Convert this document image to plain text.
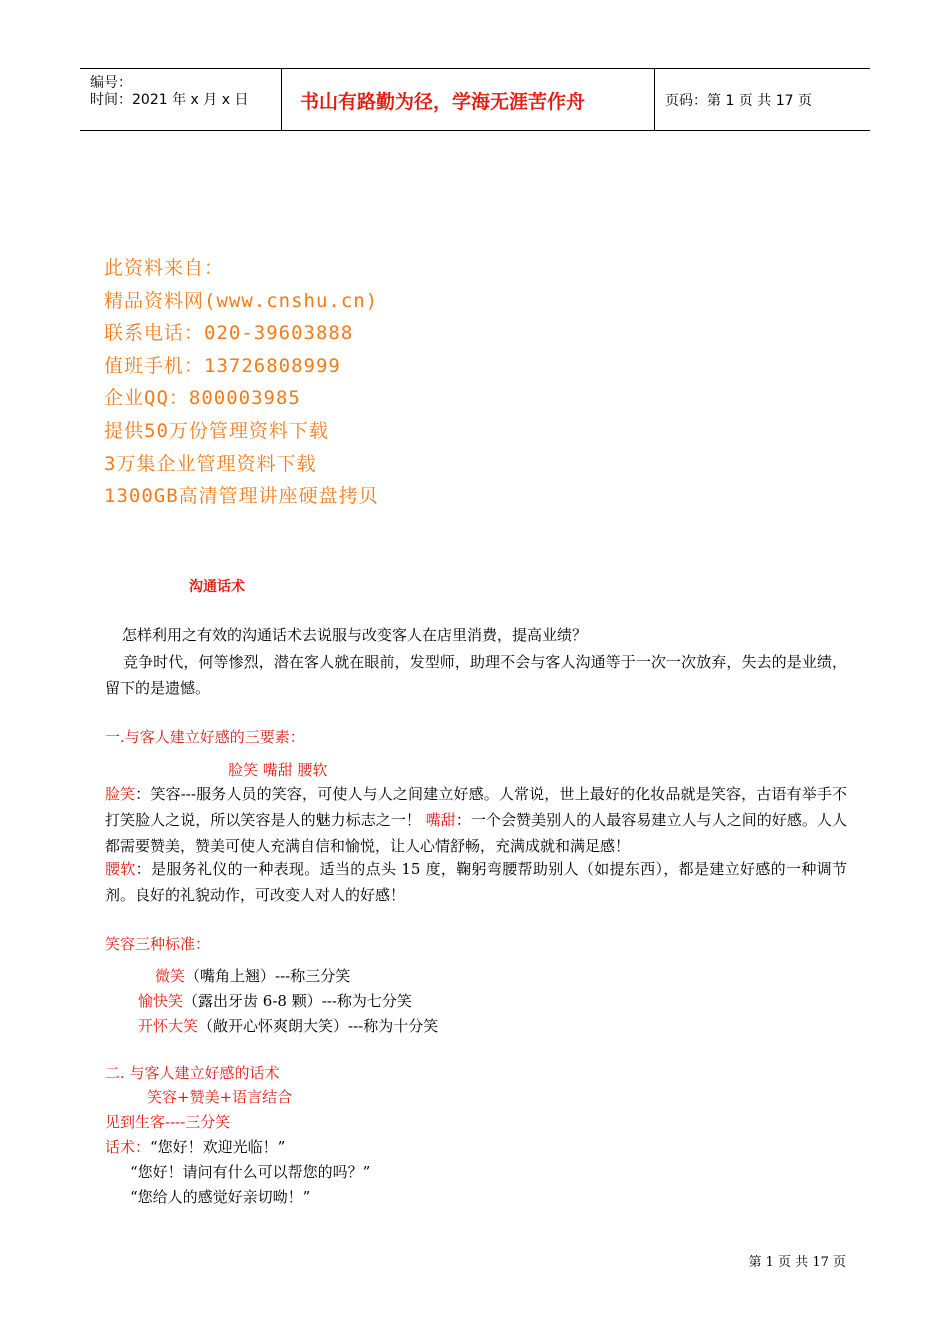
编号：
时间：2021 年 x 月 x 日	书山有路勤为径，学海无涯苦作舟	页码：第 1 页 共 17 页
此资料来自：
精品资料网(www.cnshu.cn)
联系电话：020-39603888
值班手机：13726808999
企业QQ：800003985
提供50万份管理资料下载
3万集企业管理资料下载
1300GB高清管理讲座硬盘拷贝
沟通话术
怎样利用之有效的沟通话术去说服与改变客人在店里消费，提高业绩？
竞争时代，何等惨烈，潜在客人就在眼前，发型师，助理不会与客人沟通等于一次一次放弃，失去的是业绩，留下的是遗憾。
一.与客人建立好感的三要素：
脸笑 嘴甜 腰软
脸笑：笑容---服务人员的笑容，可使人与人之间建立好感。人常说，世上最好的化妆品就是笑容，古语有举手不打笑脸人之说，所以笑容是人的魅力标志之一！ 嘴甜：一个会赞美别人的人最容易建立人与人之间的好感。人人都需要赞美，赞美可使人充满自信和愉悦，让人心情舒畅，充满成就和满足感！
腰软：是服务礼仪的一种表现。适当的点头 15 度，鞠躬弯腰帮助别人（如提东西），都是建立好感的一种调节剂。良好的礼貌动作，可改变人对人的好感！
笑容三种标准：
微笑（嘴角上翘）---称三分笑
愉快笑（露出牙齿 6-8 颗）---称为七分笑
开怀大笑（敞开心怀爽朗大笑）---称为十分笑
二. 与客人建立好感的话术
笑容+赞美+语言结合
见到生客----三分笑
话术：“您好！欢迎光临！”
“您好！请问有什么可以帮您的吗？”
“您给人的感觉好亲切呦！”
第 1 页 共 17 页
